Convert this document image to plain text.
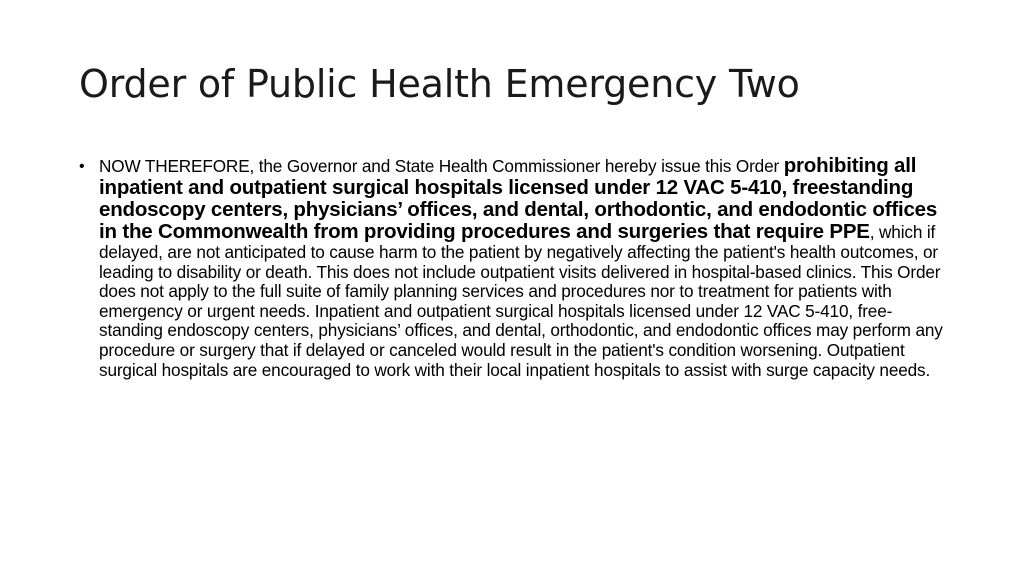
Order of Public Health Emergency Two
• NOW THEREFORE, the Governor and State Health Commissioner hereby issue this Order prohibiting all inpatient and outpatient surgical hospitals licensed under 12 VAC 5-410, freestanding endoscopy centers, physicians’ offices, and dental, orthodontic, and endodontic offices in the Commonwealth from providing procedures and surgeries that require PPE, which if delayed, are not anticipated to cause harm to the patient by negatively affecting the patient's health outcomes, or leading to disability or death. This does not include outpatient visits delivered in hospital-based clinics. This Order does not apply to the full suite of family planning services and procedures nor to treatment for patients with emergency or urgent needs. Inpatient and outpatient surgical hospitals licensed under 12 VAC 5-410, free-standing endoscopy centers, physicians’ offices, and dental, orthodontic, and endodontic offices may perform any procedure or surgery that if delayed or canceled would result in the patient's condition worsening. Outpatient surgical hospitals are encouraged to work with their local inpatient hospitals to assist with surge capacity needs.
